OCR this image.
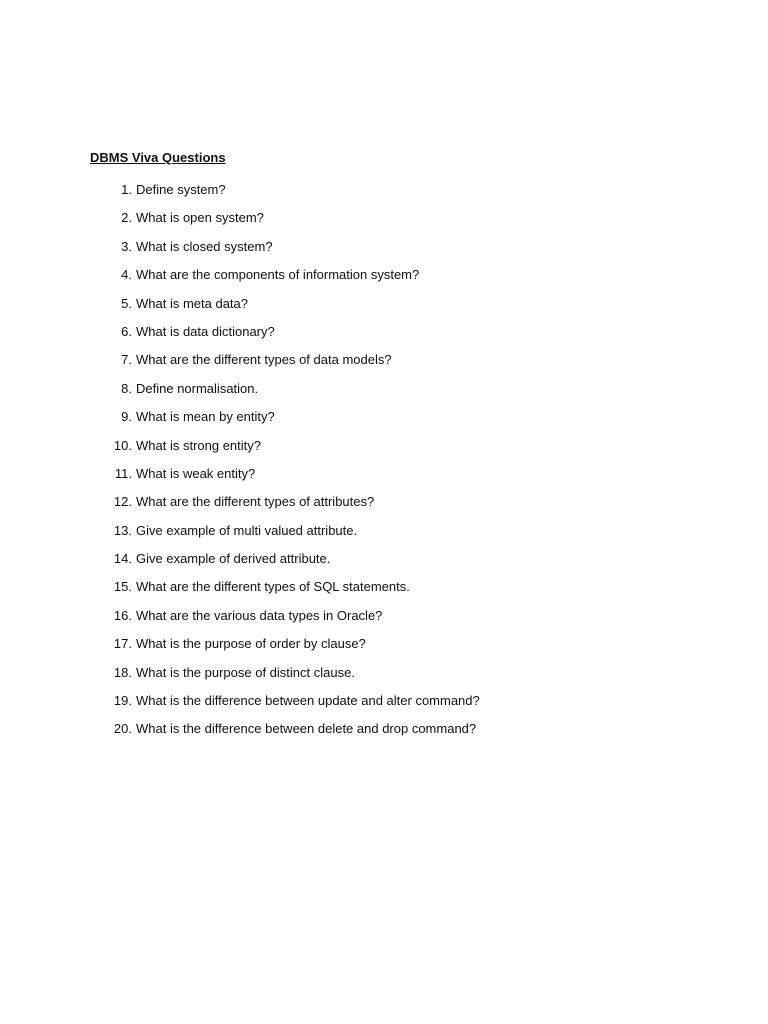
DBMS Viva Questions
1. Define system?
2. What is open system?
3. What is closed system?
4. What are the components of information system?
5. What is meta data?
6. What is data dictionary?
7. What are the different types of data models?
8. Define normalisation.
9. What is mean by entity?
10. What is strong entity?
11. What is weak entity?
12. What are the different types of attributes?
13. Give example of multi valued attribute.
14. Give example of derived attribute.
15. What are the different types of SQL statements.
16. What are the various data types in Oracle?
17. What is the purpose of order by clause?
18. What is the purpose of distinct clause.
19. What is the difference between update and alter command?
20. What is the difference between delete and drop command?
